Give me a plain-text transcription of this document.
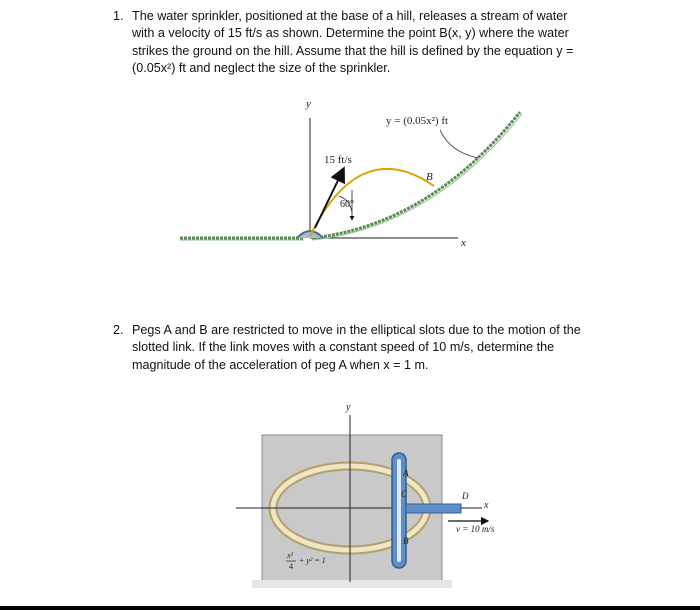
1. The water sprinkler, positioned at the base of a hill, releases a stream of water
with a velocity of 15 ft/s as shown. Determine the point B(x, y) where the water
strikes the ground on the hill. Assume that the hill is defined by the equation y =
(0.05x²) ft and neglect the size of the sprinkler.
y
x
15 ft/s
60°
y = (0.05x²) ft
B
2. Pegs A and B are restricted to move in the elliptical slots due to the motion of the
slotted link. If the link moves with a constant speed of 10 m/s, determine the
magnitude of the acceleration of peg A when x = 1 m.
y
x
A
B
C	D
v = 10 m/s
x²
4
+ y² = 1
